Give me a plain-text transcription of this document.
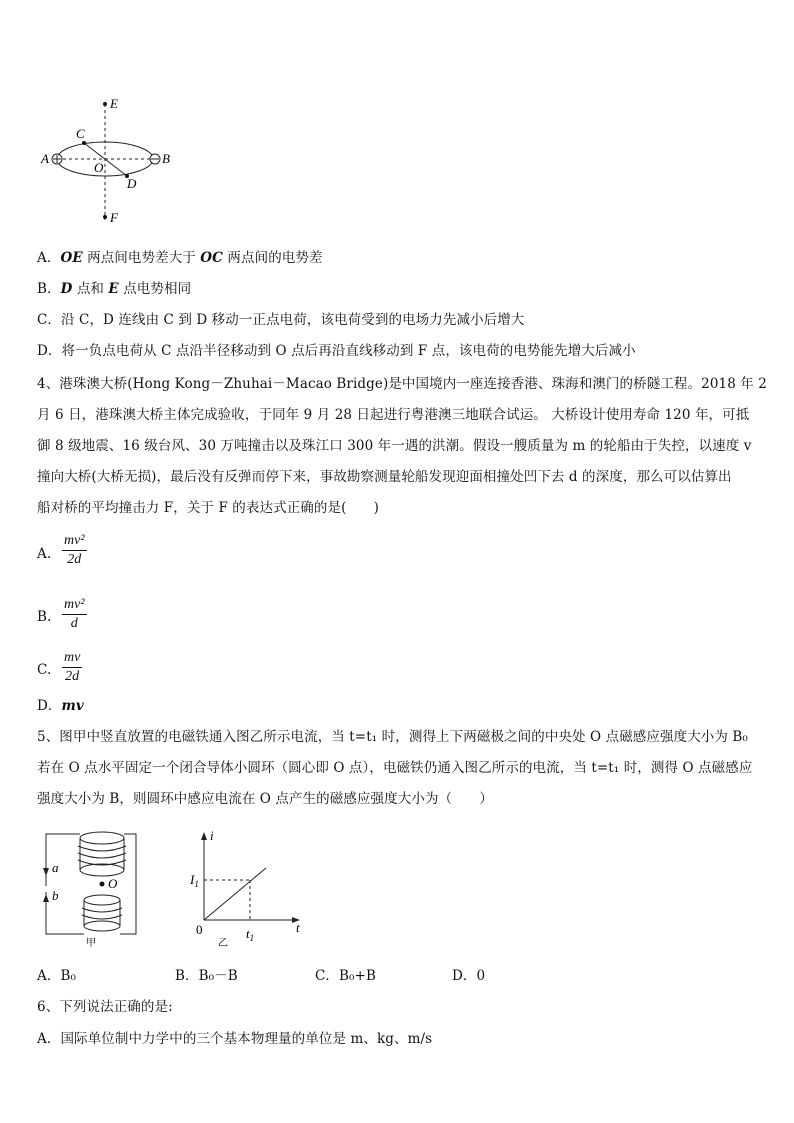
E
A
C
O
B
D
F
A．OE 两点间电势差大于 OC 两点间的电势差
B．D 点和 E 点电势相同
C．沿 C，D 连线由 C 到 D 移动一正点电荷，该电荷受到的电场力先减小后增大
D．将一负点电荷从 C 点沿半径移动到 O 点后再沿直线移动到 F 点，该电荷的电势能先增大后减小
4、港珠澳大桥(Hong Kong－Zhuhai－Macao Bridge)是中国境内一座连接香港、珠海和澳门的桥隧工程。2018 年 2
月 6 日，港珠澳大桥主体完成验收，于同年 9 月 28 日起进行粤港澳三地联合试运。 大桥设计使用寿命 120 年，可抵
御 8 级地震、16 级台风、30 万吨撞击以及珠江口 300 年一遇的洪潮。假设一艘质量为 m 的轮船由于失控，以速度 v
撞向大桥(大桥无损)，最后没有反弹而停下来，事故勘察测量轮船发现迎面相撞处凹下去 d 的深度，那么可以估算出
船对桥的平均撞击力 F，关于 F 的表达式正确的是(　　)
A.
mv²
2d
B.
mv²
d
C.
mv
2d
D．mv
5、图甲中竖直放置的电磁铁通入图乙所示电流，当 t=t₁ 时，测得上下两磁极之间的中央处 O 点磁感应强度大小为 B₀
若在 O 点水平固定一个闭合导体小圆环（圆心即 O 点），电磁铁仍通入图乙所示的电流，当 t=t₁ 时，测得 O 点磁感应
强度大小为 B，则圆环中感应电流在 O 点产生的磁感应强度大小为（　　）
a
b
O
甲
i
$I_1$
0	t
$t_1$
乙
A．B₀	B．B₀－B	C．B₀+B	D．0
6、下列说法正确的是:
A．国际单位制中力学中的三个基本物理量的单位是 m、kg、m/s
